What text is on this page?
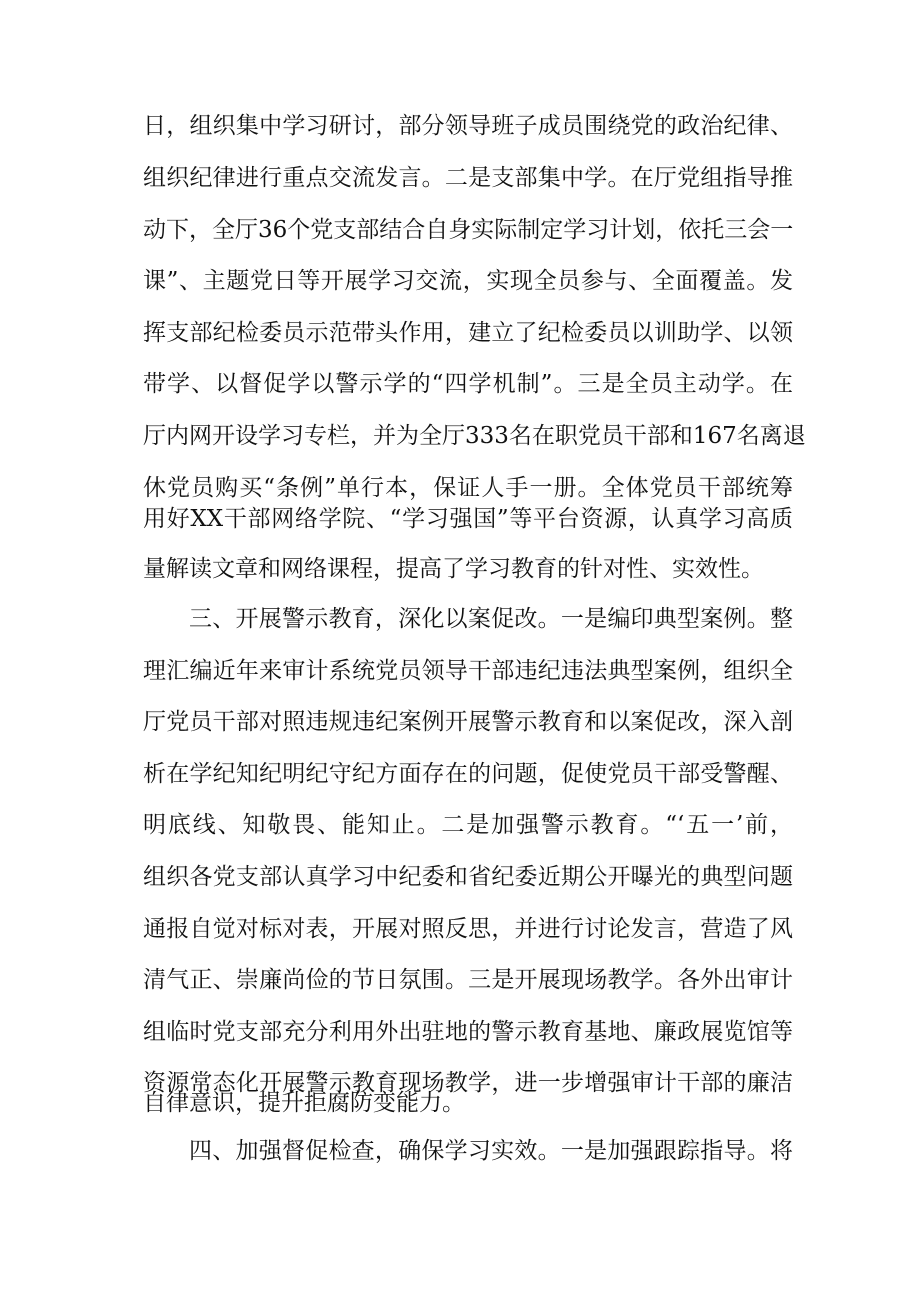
日，组织集中学习研讨，部分领导班子成员围绕党的政治纪律、
组织纪律进行重点交流发言。二是支部集中学。在厅党组指导推
动下，全厅36个党支部结合自身实际制定学习计划，依托三会一
课”、主题党日等开展学习交流，实现全员参与、全面覆盖。发
挥支部纪检委员示范带头作用，建立了纪检委员以训助学、以领
带学、以督促学以警示学的“四学机制”。三是全员主动学。在
厅内网开设学习专栏，并为全厅333名在职党员干部和167名离退
休党员购买“条例”单行本，保证人手一册。全体党员干部统筹
用好XX干部网络学院、“学习强国”等平台资源，认真学习高质
量解读文章和网络课程，提高了学习教育的针对性、实效性。
三、开展警示教育，深化以案促改。一是编印典型案例。整
理汇编近年来审计系统党员领导干部违纪违法典型案例，组织全
厅党员干部对照违规违纪案例开展警示教育和以案促改，深入剖
析在学纪知纪明纪守纪方面存在的问题，促使党员干部受警醒、
明底线、知敬畏、能知止。二是加强警示教育。“‘五一’前，
组织各党支部认真学习中纪委和省纪委近期公开曝光的典型问题
通报自觉对标对表，开展对照反思，并进行讨论发言，营造了风
清气正、崇廉尚俭的节日氛围。三是开展现场教学。各外出审计
组临时党支部充分利用外出驻地的警示教育基地、廉政展览馆等
资源常态化开展警示教育现场教学，进一步增强审计干部的廉洁
自律意识，提升拒腐防变能力。
四、加强督促检查，确保学习实效。一是加强跟踪指导。将
